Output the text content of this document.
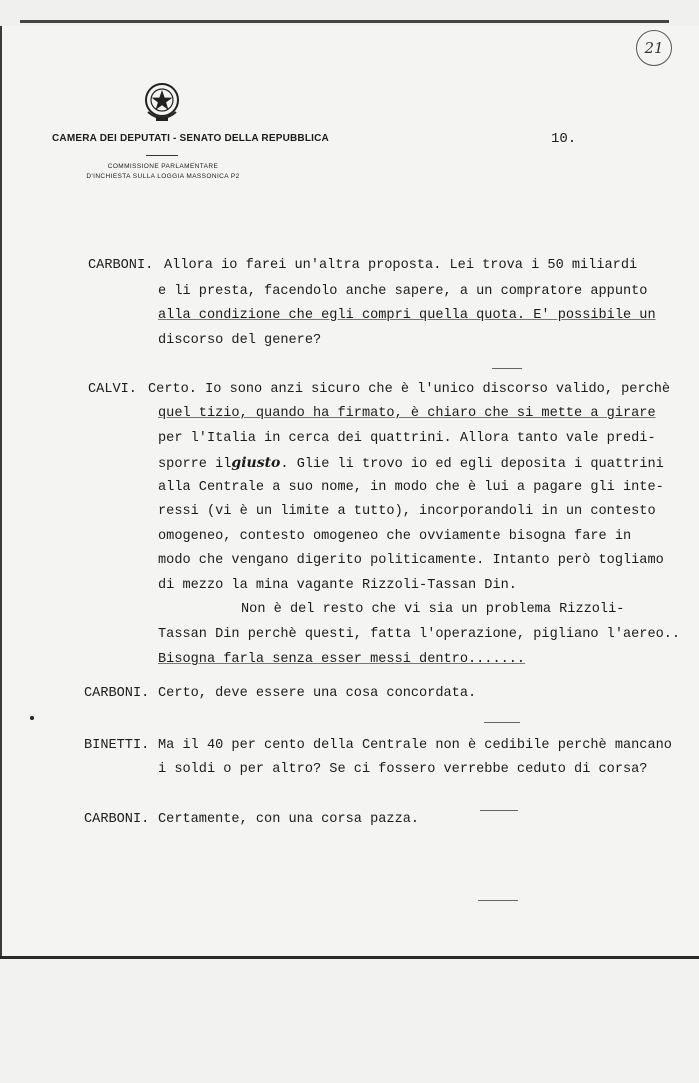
21
CAMERA DEI DEPUTATI - SENATO DELLA REPUBBLICA
COMMISSIONE PARLAMENTARE
D'INCHIESTA SULLA LOGGIA MASSONICA P2
10.
CARBONI. Allora io farei un'altra proposta. Lei trova i 50 miliardi
e li presta, facendolo anche sapere, a un compratore appunto
alla condizione che egli compri quella quota. E' possibile un
discorso del genere?
CALVI. Certo. Io sono anzi sicuro che è l'unico discorso valido, perchè
quel tizio, quando ha firmato, è chiaro che si mette a girare
per l'Italia in cerca dei quattrini. Allora tanto vale predi-
sporre ilgiusto. Glie li trovo io ed egli deposita i quattrini
alla Centrale a suo nome, in modo che è lui a pagare gli inte-
ressi (vi è un limite a tutto), incorporandoli in un contesto
omogeneo, contesto omogeneo che ovviamente bisogna fare in
modo che vengano digerito politicamente. Intanto però togliamo
di mezzo la mina vagante Rizzoli-Tassan Din.
Non è del resto che vi sia un problema Rizzoli-
Tassan Din perchè questi, fatta l'operazione, pigliano l'aereo..
Bisogna farla senza esser messi dentro.......
CARBONI. Certo, deve essere una cosa concordata.
BINETTI. Ma il 40 per cento della Centrale non è cedibile perchè mancano
i soldi o per altro? Se ci fossero verrebbe ceduto di corsa?
CARBONI. Certamente, con una corsa pazza.
